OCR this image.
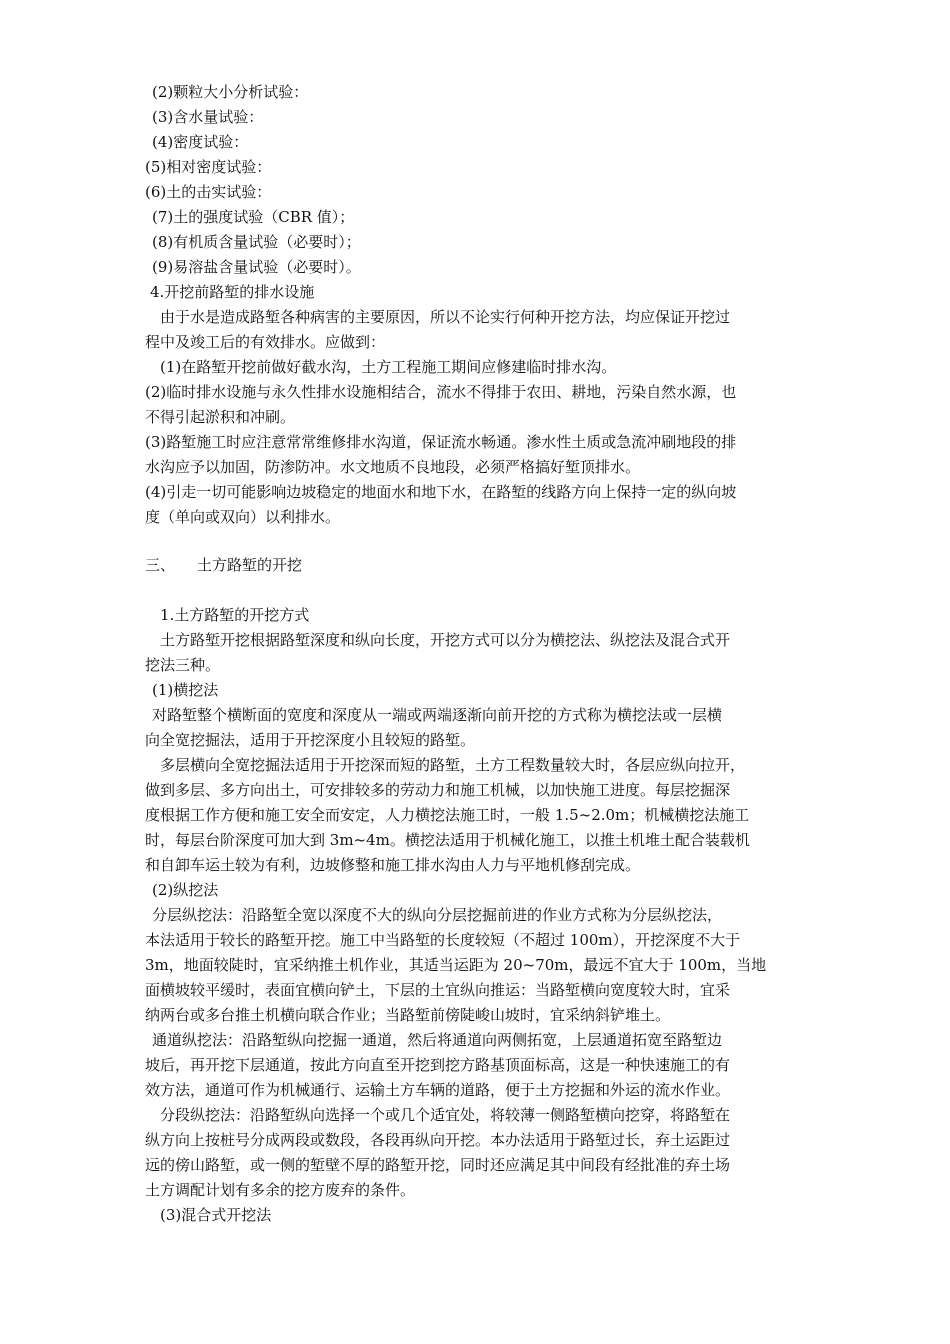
(2)颗粒大小分析试验：
(3)含水量试验：
(4)密度试验：
(5)相对密度试验：
(6)土的击实试验：
(7)土的强度试验（CBR 值）；
(8)有机质含量试验（必要时）；
(9)易溶盐含量试验（必要时）。
4.开挖前路堑的排水设施
由于水是造成路堑各种病害的主要原因，所以不论实行何种开挖方法，均应保证开挖过
程中及竣工后的有效排水。应做到：
(1)在路堑开挖前做好截水沟，土方工程施工期间应修建临时排水沟。
(2)临时排水设施与永久性排水设施相结合，流水不得排于农田、耕地，污染自然水源，也
不得引起淤积和冲刷。
(3)路堑施工时应注意常常维修排水沟道，保证流水畅通。渗水性土质或急流冲刷地段的排
水沟应予以加固，防渗防冲。水文地质不良地段，必须严格搞好堑顶排水。
(4)引走一切可能影响边坡稳定的地面水和地下水，在路堑的线路方向上保持一定的纵向坡
度（单向或双向）以利排水。
三、 土方路堑的开挖
1.土方路堑的开挖方式
土方路堑开挖根据路堑深度和纵向长度，开挖方式可以分为横挖法、纵挖法及混合式开
挖法三种。
(1)横挖法
对路堑整个横断面的宽度和深度从一端或两端逐渐向前开挖的方式称为横挖法或一层横
向全宽挖掘法，适用于开挖深度小且较短的路堑。
多层横向全宽挖掘法适用于开挖深而短的路堑，土方工程数量较大时，各层应纵向拉开，
做到多层、多方向出土，可安排较多的劳动力和施工机械，以加快施工进度。每层挖掘深
度根据工作方便和施工安全而安定，人力横挖法施工时，一般 1.5~2.0m；机械横挖法施工
时，每层台阶深度可加大到 3m~4m。横挖法适用于机械化施工，以推土机堆土配合装载机
和自卸车运土较为有利，边坡修整和施工排水沟由人力与平地机修刮完成。
(2)纵挖法
分层纵挖法：沿路堑全宽以深度不大的纵向分层挖掘前进的作业方式称为分层纵挖法，
本法适用于较长的路堑开挖。施工中当路堑的长度较短（不超过 100m），开挖深度不大于
3m，地面较陡时，宜采纳推土机作业，其适当运距为 20~70m，最远不宜大于 100m，当地
面横坡较平缓时，表面宜横向铲土，下层的土宜纵向推运：当路堑横向宽度较大时，宜采
纳两台或多台推土机横向联合作业；当路堑前傍陡峻山坡时，宜采纳斜铲堆土。
通道纵挖法：沿路堑纵向挖掘一通道，然后将通道向两侧拓宽，上层通道拓宽至路堑边
坡后，再开挖下层通道，按此方向直至开挖到挖方路基顶面标高，这是一种快速施工的有
效方法，通道可作为机械通行、运输土方车辆的道路，便于土方挖掘和外运的流水作业。
分段纵挖法：沿路堑纵向选择一个或几个适宜处，将较薄一侧路堑横向挖穿，将路堑在
纵方向上按桩号分成两段或数段，各段再纵向开挖。本办法适用于路堑过长，弃土运距过
远的傍山路堑，或一侧的堑壁不厚的路堑开挖，同时还应满足其中间段有经批准的弃土场
土方调配计划有多余的挖方废弃的条件。
(3)混合式开挖法
